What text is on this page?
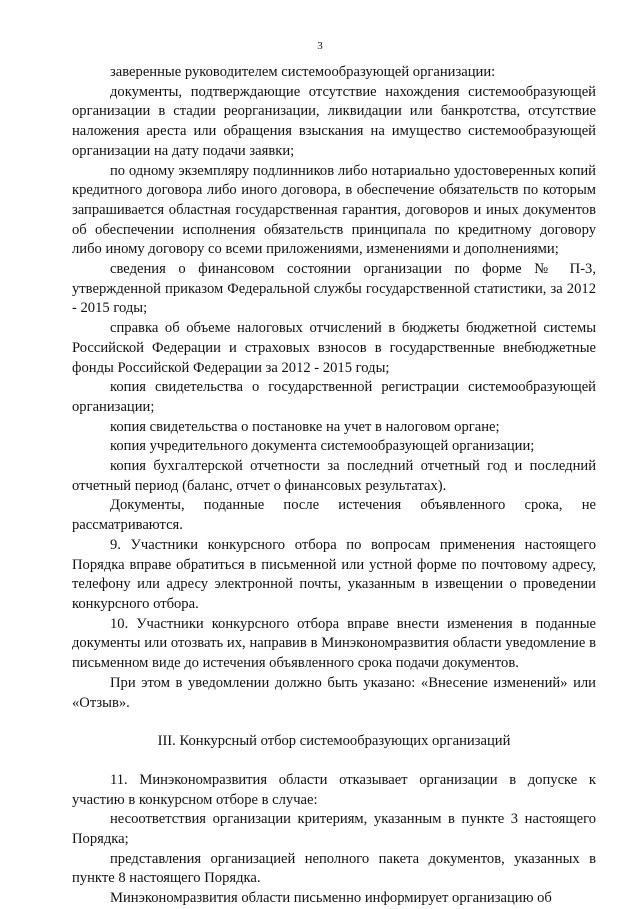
3

заверенные руководителем системообразующей организации:

документы, подтверждающие отсутствие нахождения системообразующей организации в стадии реорганизации, ликвидации или банкротства, отсутствие наложения ареста или обращения взыскания на имущество системообразующей организации на дату подачи заявки;

по одному экземпляру подлинников либо нотариально удостоверенных копий кредитного договора либо иного договора, в обеспечение обязательств по которым запрашивается областная государственная гарантия, договоров и иных документов об обеспечении исполнения обязательств принципала по кредитному договору либо иному договору со всеми приложениями, изменениями и дополнениями;

сведения о финансовом состоянии организации по форме № П-3, утвержденной приказом Федеральной службы государственной статистики, за 2012 - 2015 годы;

справка об объеме налоговых отчислений в бюджеты бюджетной системы Российской Федерации и страховых взносов в государственные внебюджетные фонды Российской Федерации за 2012 - 2015 годы;

копия свидетельства о государственной регистрации системообразующей организации;

копия свидетельства о постановке на учет в налоговом органе;

копия учредительного документа системообразующей организации;

копия бухгалтерской отчетности за последний отчетный год и последний отчетный период (баланс, отчет о финансовых результатах).

Документы, поданные после истечения объявленного срока, не рассматриваются.

9. Участники конкурсного отбора по вопросам применения настоящего Порядка вправе обратиться в письменной или устной форме по почтовому адресу, телефону или адресу электронной почты, указанным в извещении о проведении конкурсного отбора.

10. Участники конкурсного отбора вправе внести изменения в поданные документы или отозвать их, направив в Минэкономразвития области уведомление в письменном виде до истечения объявленного срока подачи документов.

При этом в уведомлении должно быть указано: «Внесение изменений» или «Отзыв».

III. Конкурсный отбор системообразующих организаций

11. Минэкономразвития области отказывает организации в допуске к участию в конкурсном отборе в случае:

несоответствия организации критериям, указанным в пункте 3 настоящего Порядка;

представления организацией неполного пакета документов, указанных в пункте 8 настоящего Порядка.

Минэкономразвития области письменно информирует организацию об
